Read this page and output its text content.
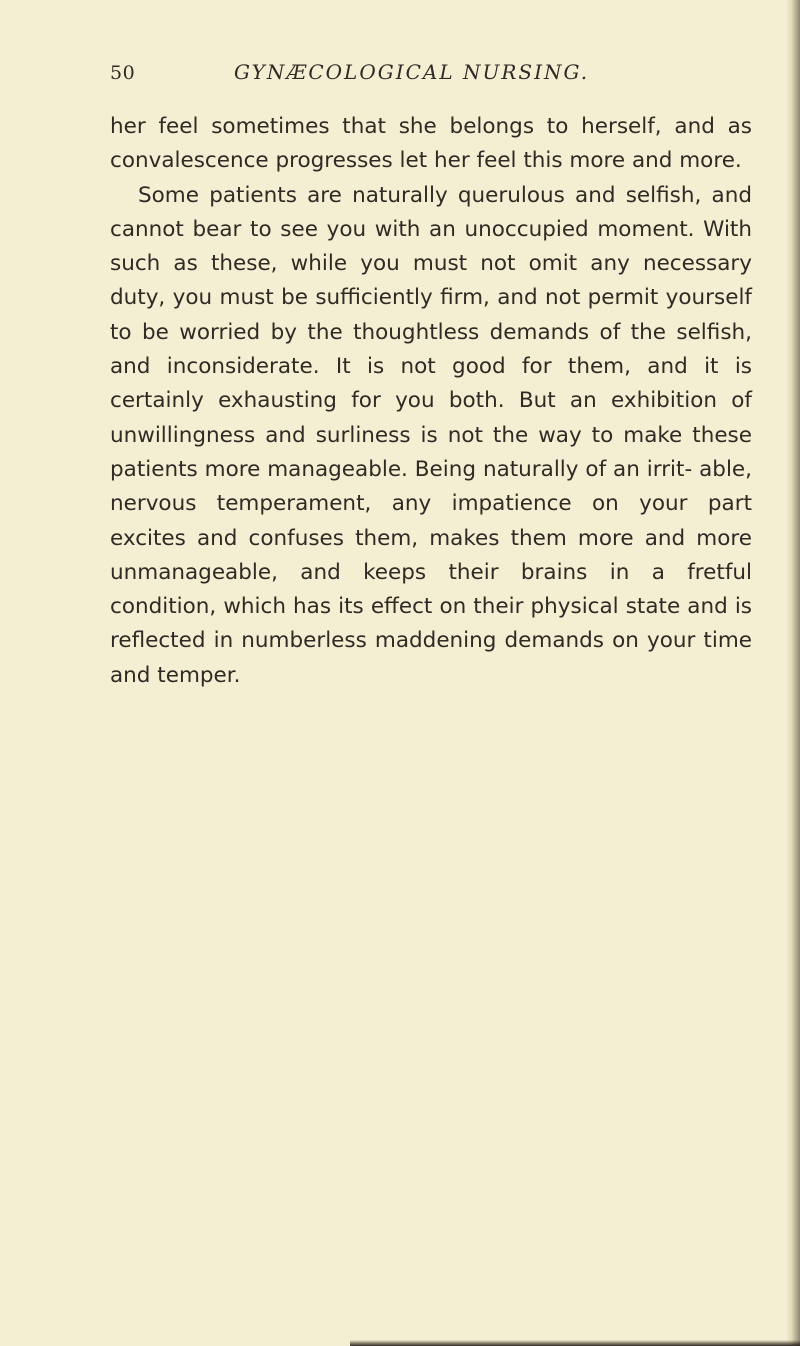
50	GYNÆCOLOGICAL NURSING.

her feel sometimes that she belongs to herself, and as convalescence progresses let her feel this more and more.

Some patients are naturally querulous and selfish, and cannot bear to see you with an unoccupied moment. With such as these, while you must not omit any necessary duty, you must be sufficiently firm, and not permit yourself to be worried by the thoughtless demands of the selfish, and inconsiderate. It is not good for them, and it is certainly exhausting for you both. But an exhibition of unwillingness and surliness is not the way to make these patients more manageable. Being naturally of an irrit- able, nervous temperament, any impatience on your part excites and confuses them, makes them more and more unmanageable, and keeps their brains in a fretful condition, which has its effect on their physical state and is reflected in numberless maddening demands on your time and temper.
